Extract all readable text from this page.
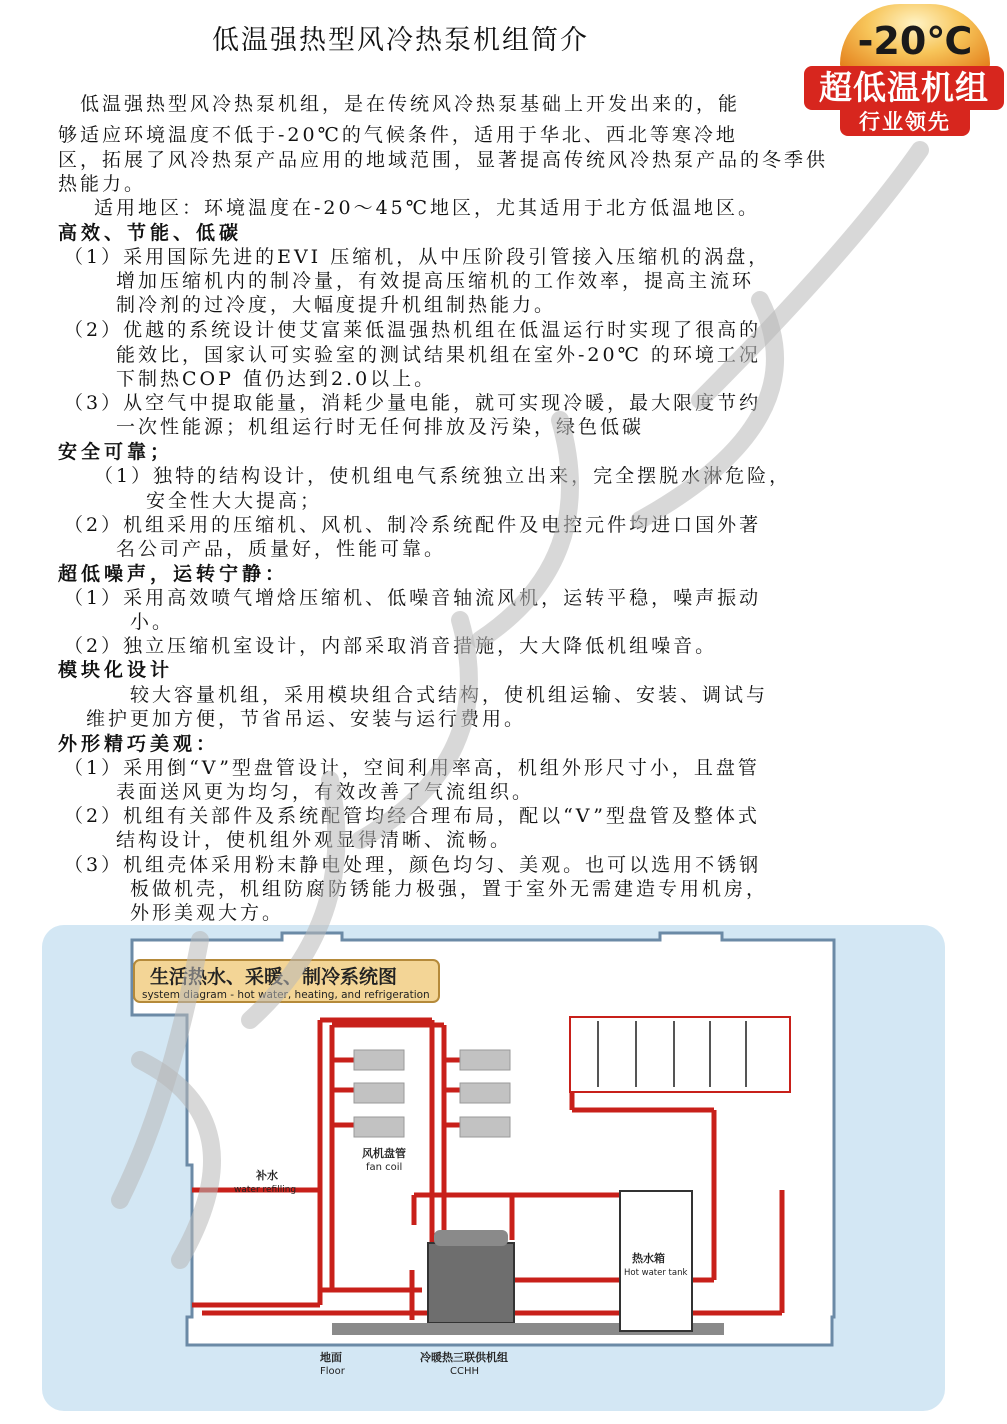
低温强热型风冷热泵机组简介	-20℃
超低温机组
行业领先
　低温强热型风冷热泵机组，是在传统风冷热泵基础上开发出来的，能
够适应环境温度不低于-20℃的气候条件，适用于华北、西北等寒冷地
区，拓展了风冷热泵产品应用的地域范围，显著提高传统风冷热泵产品的冬季供
热能力。
　适用地区：环境温度在-20～45℃地区，尤其适用于北方低温地区。
高效、节能、低碳
（1）采用国际先进的EVI 压缩机，从中压阶段引管接入压缩机的涡盘，
增加压缩机内的制冷量，有效提高压缩机的工作效率，提高主流环
制冷剂的过冷度，大幅度提升机组制热能力。
（2）优越的系统设计使艾富莱低温强热机组在低温运行时实现了很高的
能效比，国家认可实验室的测试结果机组在室外-20℃ 的环境工况
下制热COP 值仍达到2.0以上。
（3）从空气中提取能量，消耗少量电能，就可实现冷暖，最大限度节约
一次性能源；机组运行时无任何排放及污染，绿色低碳
安全可靠；
（1）独特的结构设计，使机组电气系统独立出来，完全摆脱水淋危险，
安全性大大提高；
（2）机组采用的压缩机、风机、制冷系统配件及电控元件均进口国外著
名公司产品，质量好，性能可靠。
超低噪声，运转宁静：
（1）采用高效喷气增焓压缩机、低噪音轴流风机，运转平稳，噪声振动
小。
（2）独立压缩机室设计，内部采取消音措施，大大降低机组噪音。
模块化设计
较大容量机组，采用模块组合式结构，使机组运输、安装、调试与
维护更加方便，节省吊运、安装与运行费用。
外形精巧美观：
（1）采用倒“V”型盘管设计，空间利用率高，机组外形尺寸小，且盘管
表面送风更为均匀，有效改善了气流组织。
（2）机组有关部件及系统配管均经合理布局，配以“V”型盘管及整体式
结构设计，使机组外观显得清晰、流畅。
（3）机组壳体采用粉末静电处理，颜色均匀、美观。也可以选用不锈钢
板做机壳，机组防腐防锈能力极强，置于室外无需建造专用机房，
外形美观大方。
生活热水、采暖、制冷系统图
system diagram - hot water, heating, and refrigeration
风机盘管
fan coil
热水箱
Hot water tank
补水
water refilling
地面
Floor
冷暖热三联供机组
CCHH
